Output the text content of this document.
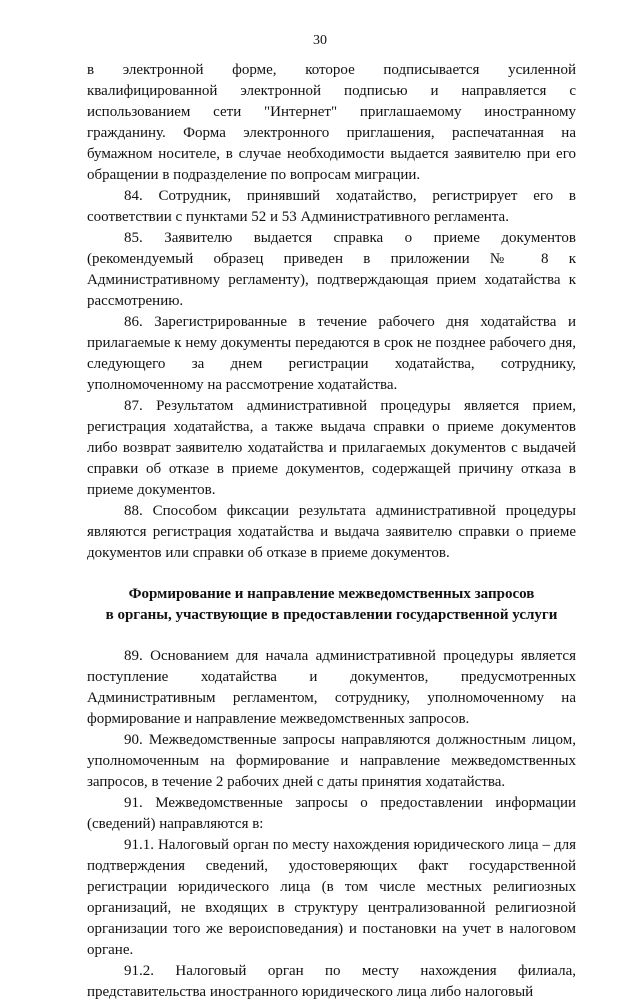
30

в электронной форме, которое подписывается усиленной квалифицированной электронной подписью и направляется с использованием сети "Интернет" приглашаемому иностранному гражданину. Форма электронного приглашения, распечатанная на бумажном носителе, в случае необходимости выдается заявителю при его обращении в подразделение по вопросам миграции.

84. Сотрудник, принявший ходатайство, регистрирует его в соответствии с пунктами 52 и 53 Административного регламента.

85. Заявителю выдается справка о приеме документов (рекомендуемый образец приведен в приложении № 8 к Административному регламенту), подтверждающая прием ходатайства к рассмотрению.

86. Зарегистрированные в течение рабочего дня ходатайства и прилагаемые к нему документы передаются в срок не позднее рабочего дня, следующего за днем регистрации ходатайства, сотруднику, уполномоченному на рассмотрение ходатайства.

87. Результатом административной процедуры является прием, регистрация ходатайства, а также выдача справки о приеме документов либо возврат заявителю ходатайства и прилагаемых документов с выдачей справки об отказе в приеме документов, содержащей причину отказа в приеме документов.

88. Способом фиксации результата административной процедуры являются регистрация ходатайства и выдача заявителю справки о приеме документов или справки об отказе в приеме документов.

Формирование и направление межведомственных запросов
в органы, участвующие в предоставлении государственной услуги

89. Основанием для начала административной процедуры является поступление ходатайства и документов, предусмотренных Административным регламентом, сотруднику, уполномоченному на формирование и направление межведомственных запросов.

90. Межведомственные запросы направляются должностным лицом, уполномоченным на формирование и направление межведомственных запросов, в течение 2 рабочих дней с даты принятия ходатайства.

91. Межведомственные запросы о предоставлении информации (сведений) направляются в:

91.1. Налоговый орган по месту нахождения юридического лица – для подтверждения сведений, удостоверяющих факт государственной регистрации юридического лица (в том числе местных религиозных организаций, не входящих в структуру централизованной религиозной организации того же вероисповедания) и постановки на учет в налоговом органе.

91.2. Налоговый орган по месту нахождения филиала, представительства иностранного юридического лица либо налоговый
